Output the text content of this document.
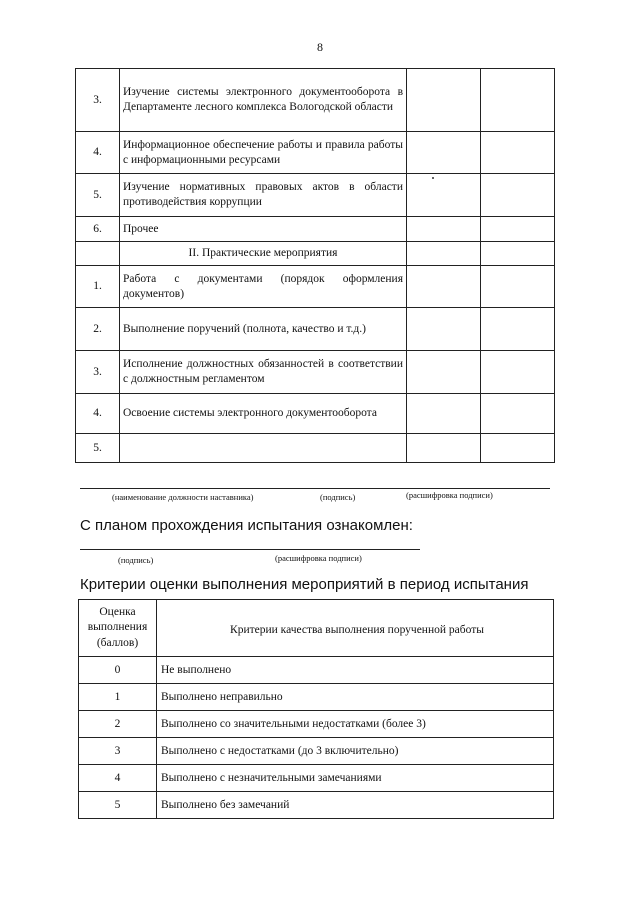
8
3.	Изучение системы электронного документооборота в Департаменте лесного комплекса Вологодской области		
4.	Информационное обеспечение работы и правила работы с информационными ресурсами		
5.	Изучение нормативных правовых актов в области противодействия коррупции		
6.	Прочее		
	II. Практические мероприятия		
1.	Работа с документами (порядок оформления документов)		
2.	Выполнение поручений (полнота, качество и т.д.)		
3.	Исполнение должностных обязанностей в соответствии с должностным регламентом		
4.	Освоение системы электронного документооборота		
5.			
(наименование должности наставника)	(подпись)	(расшифровка подписи)
С планом прохождения испытания ознакомлен:
(подпись)	(расшифровка подписи)
Критерии оценки выполнения мероприятий в период испытания
Оценка
выполнения
(баллов)	Критерии качества выполнения порученной работы
0	Не выполнено
1	Выполнено неправильно
2	Выполнено со значительными недостатками (более 3)
3	Выполнено с недостатками (до 3 включительно)
4	Выполнено с незначительными замечаниями
5	Выполнено без замечаний
